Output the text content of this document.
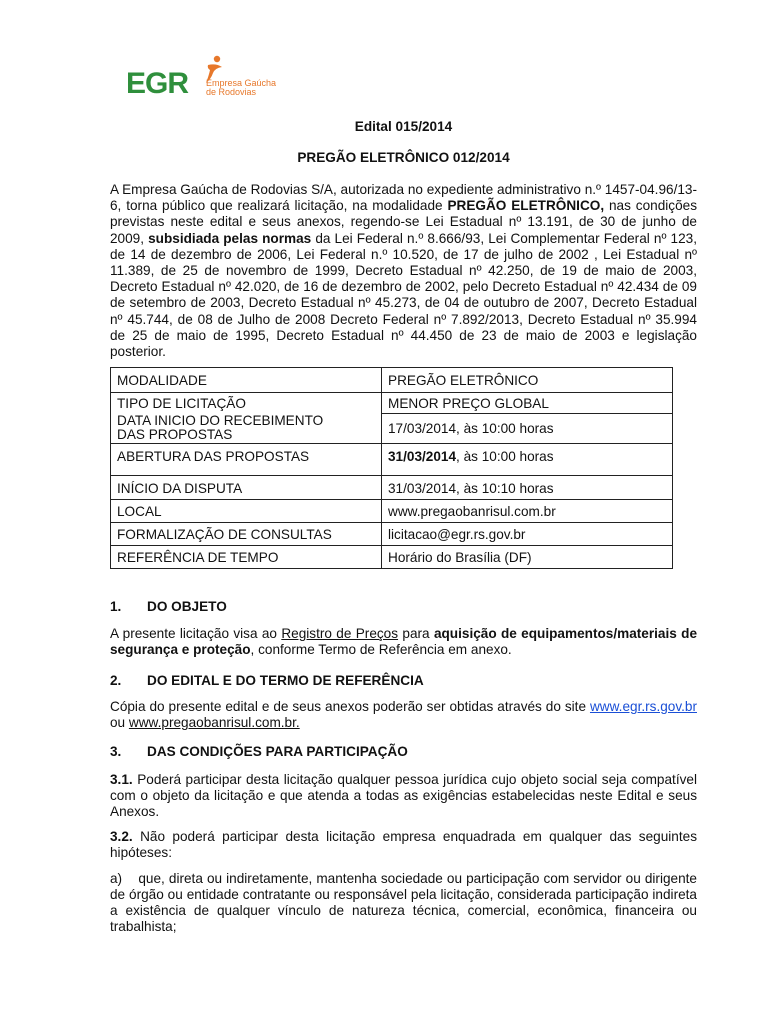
EGR Empresa Gaúcha
de Rodovias
Edital 015/2014
PREGÃO ELETRÔNICO 012/2014
A Empresa Gaúcha de Rodovias S/A, autorizada no expediente administrativo n.º 1457-04.96/13-6, torna público que realizará licitação, na modalidade PREGÃO ELETRÔNICO, nas condições previstas neste edital e seus anexos, regendo-se Lei Estadual nº 13.191, de 30 de junho de 2009, subsidiada pelas normas da Lei Federal n.º 8.666/93, Lei Complementar Federal nº 123, de 14 de dezembro de 2006, Lei Federal n.º 10.520, de 17 de julho de 2002 , Lei Estadual nº 11.389, de 25 de novembro de 1999, Decreto Estadual nº 42.250, de 19 de maio de 2003, Decreto Estadual nº 42.020, de 16 de dezembro de 2002, pelo Decreto Estadual nº 42.434 de 09 de setembro de 2003, Decreto Estadual nº 45.273, de 04 de outubro de 2007, Decreto Estadual nº 45.744, de 08 de Julho de 2008 Decreto Federal nº 7.892/2013, Decreto Estadual nº 35.994 de 25 de maio de 1995, Decreto Estadual nº 44.450 de 23 de maio de 2003 e legislação posterior.
MODALIDADE	PREGÃO ELETRÔNICO
TIPO DE LICITAÇÃO	MENOR PREÇO GLOBAL

DATA INICIO DO RECEBIMENTO
DAS PROPOSTAS	17/03/2014, às 10:00 horas
ABERTURA DAS PROPOSTAS	31/03/2014, às 10:00 horas
INÍCIO DA DISPUTA	31/03/2014, às 10:10 horas
LOCAL	www.pregaobanrisul.com.br
FORMALIZAÇÃO DE CONSULTAS	licitacao@egr.rs.gov.br
REFERÊNCIA DE TEMPO	Horário do Brasília (DF)
1. DO OBJETO
A presente licitação visa ao Registro de Preços para aquisição de equipamentos/materiais de segurança e proteção, conforme Termo de Referência em anexo.
2. DO EDITAL E DO TERMO DE REFERÊNCIA
Cópia do presente edital e de seus anexos poderão ser obtidas através do site www.egr.rs.gov.br ou www.pregaobanrisul.com.br.
3. DAS CONDIÇÕES PARA PARTICIPAÇÃO
3.1. Poderá participar desta licitação qualquer pessoa jurídica cujo objeto social seja compatível com o objeto da licitação e que atenda a todas as exigências estabelecidas neste Edital e seus Anexos.
3.2. Não poderá participar desta licitação empresa enquadrada em qualquer das seguintes hipóteses:
a)    que, direta ou indiretamente, mantenha sociedade ou participação com servidor ou dirigente de órgão ou entidade contratante ou responsável pela licitação, considerada participação indireta a existência de qualquer vínculo de natureza técnica, comercial, econômica, financeira ou trabalhista;
